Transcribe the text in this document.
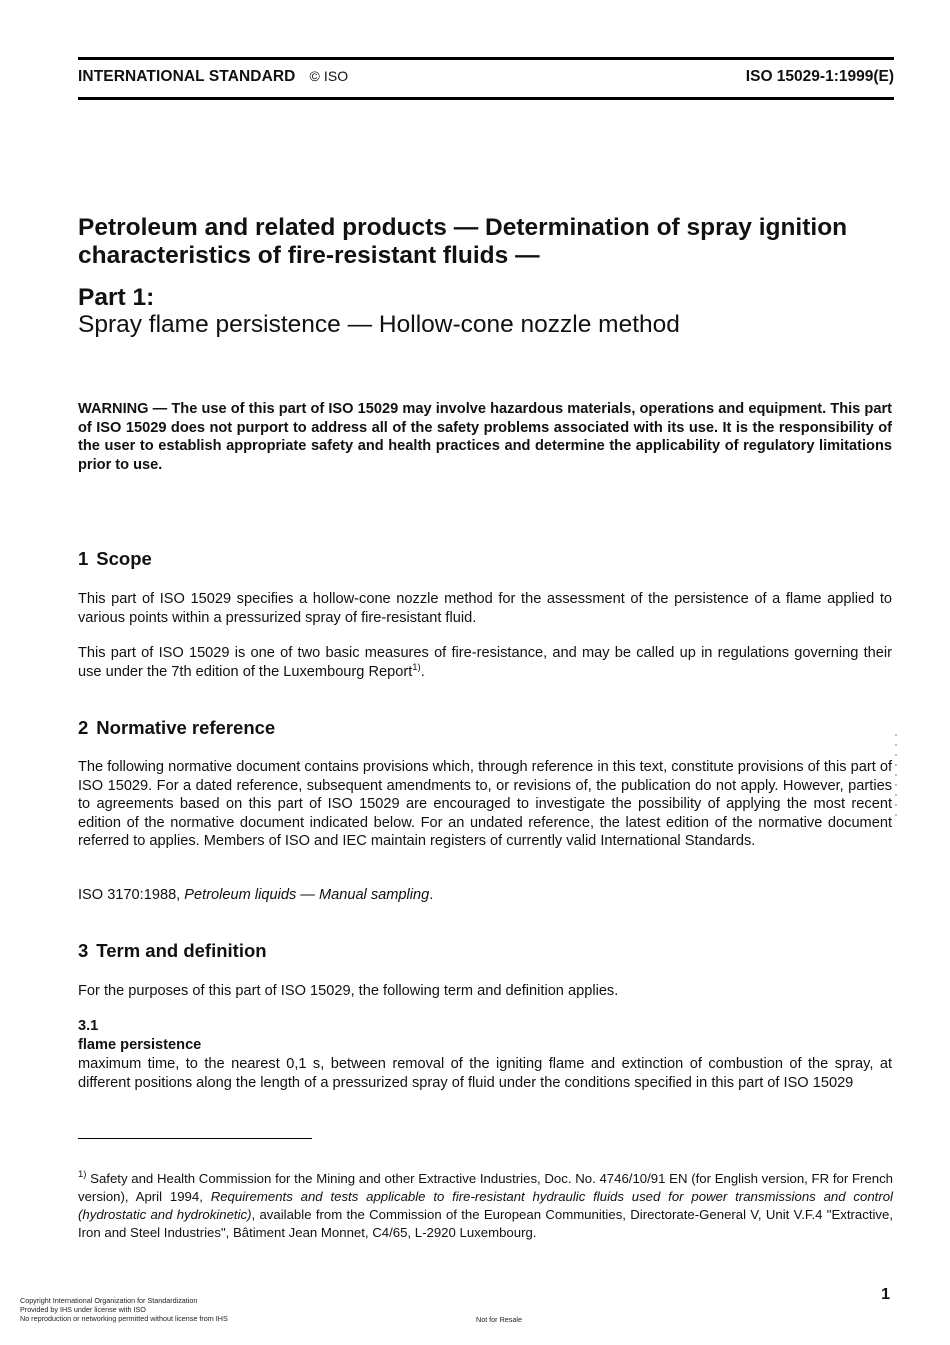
INTERNATIONAL STANDARD © ISO	ISO 15029-1:1999(E)
Petroleum and related products — Determination of spray ignition characteristics of fire-resistant fluids —
Part 1:
Spray flame persistence — Hollow-cone nozzle method
WARNING — The use of this part of ISO 15029 may involve hazardous materials, operations and equipment. This part of ISO 15029 does not purport to address all of the safety problems associated with its use. It is the responsibility of the user to establish appropriate safety and health practices and determine the applicability of regulatory limitations prior to use.
1 Scope
This part of ISO 15029 specifies a hollow-cone nozzle method for the assessment of the persistence of a flame applied to various points within a pressurized spray of fire-resistant fluid.
This part of ISO 15029 is one of two basic measures of fire-resistance, and may be called up in regulations governing their use under the 7th edition of the Luxembourg Report$^{1)}$.
2 Normative reference
The following normative document contains provisions which, through reference in this text, constitute provisions of this part of ISO 15029. For a dated reference, subsequent amendments to, or revisions of, the publication do not apply. However, parties to agreements based on this part of ISO 15029 are encouraged to investigate the possibility of applying the most recent edition of the normative document indicated below. For an undated reference, the latest edition of the normative document referred to applies. Members of ISO and IEC maintain registers of currently valid International Standards.
ISO 3170:1988, Petroleum liquids — Manual sampling.
3 Term and definition
For the purposes of this part of ISO 15029, the following term and definition applies.
3.1
flame persistence
maximum time, to the nearest 0,1 s, between removal of the igniting flame and extinction of combustion of the spray, at different positions along the length of a pressurized spray of fluid under the conditions specified in this part of ISO 15029
$^{1)}$ Safety and Health Commission for the Mining and other Extractive Industries, Doc. No. 4746/10/91 EN (for English version, FR for French version), April 1994, Requirements and tests applicable to fire-resistant hydraulic fluids used for power transmissions and control (hydrostatic and hydrokinetic), available from the Commission of the European Communities, Directorate-General V, Unit V.F.4 "Extractive, Iron and Steel Industries", Bâtiment Jean Monnet, C4/65, L-2920 Luxembourg.
1
Copyright International Organization for Standardization
Provided by IHS under license with ISO
No reproduction or networking permitted without license from IHS	Not for Resale
